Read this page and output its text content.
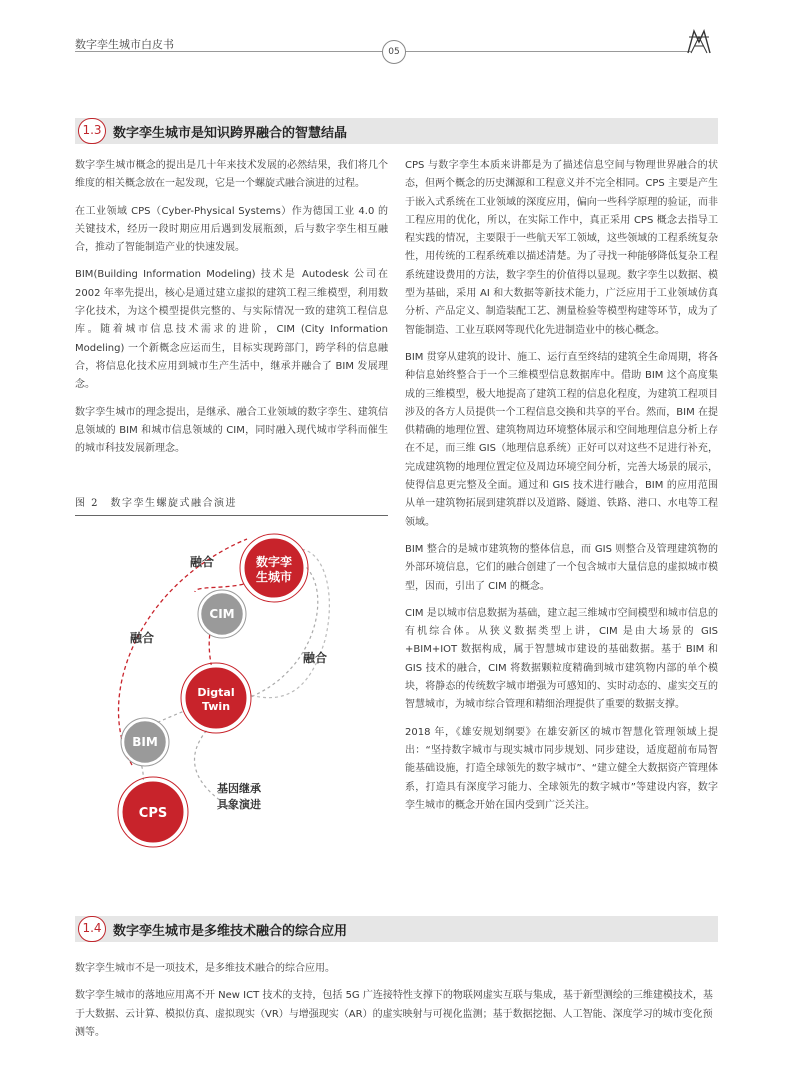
数字孪生城市白皮书
05
1.3 数字孪生城市是知识跨界融合的智慧结晶

数字孪生城市概念的提出是几十年来技术发展的必然结果，我们将几个维度的相关概念放在一起发现，它是一个螺旋式融合演进的过程。

在工业领域 CPS（Cyber-Physical Systems）作为德国工业 4.0 的关键技术，经历一段时期应用后遇到发展瓶颈，后与数字孪生相互融合，推动了智能制造产业的快速发展。

BIM(Building Information Modeling) 技术是 Autodesk 公司在 2002 年率先提出，核心是通过建立虚拟的建筑工程三维模型，利用数字化技术，为这个模型提供完整的、与实际情况一致的建筑工程信息库。随着城市信息技术需求的进阶，CIM (City Information Modeling) 一个新概念应运而生，目标实现跨部门，跨学科的信息融合，将信息化技术应用到城市生产生活中，继承并融合了 BIM 发展理念。

数字孪生城市的理念提出，是继承、融合工业领域的数字孪生、建筑信息领域的 BIM 和城市信息领域的 CIM，同时融入现代城市学科而催生的城市科技发展新理念。

图 2　数字孪生螺旋式融合演进
数字孪生城市
CIM
Digtal Twin
BIM
CPS
融合
融合
融合
基因继承
具象演进

CPS 与数字孪生本质来讲都是为了描述信息空间与物理世界融合的状态，但两个概念的历史渊源和工程意义并不完全相同。CPS 主要是产生于嵌入式系统在工业领域的深度应用，偏向一些科学原理的验证，而非工程应用的优化，所以，在实际工作中，真正采用 CPS 概念去指导工程实践的情况，主要限于一些航天军工领域，这些领域的工程系统复杂性，用传统的工程系统难以描述清楚。为了寻找一种能够降低复杂工程系统建设费用的方法，数字孪生的价值得以显现。数字孪生以数据、模型为基础，采用 AI 和大数据等新技术能力，广泛应用于工业领域仿真分析、产品定义、制造装配工艺、测量检验等模型构建等环节，成为了智能制造、工业互联网等现代化先进制造业中的核心概念。

BIM 贯穿从建筑的设计、施工、运行直至终结的建筑全生命周期，将各种信息始终整合于一个三维模型信息数据库中。借助 BIM 这个高度集成的三维模型，极大地提高了建筑工程的信息化程度，为建筑工程项目涉及的各方人员提供一个工程信息交换和共享的平台。然而，BIM 在提供精确的地理位置、建筑物周边环境整体展示和空间地理信息分析上存在不足，而三维 GIS（地理信息系统）正好可以对这些不足进行补充，完成建筑物的地理位置定位及周边环境空间分析，完善大场景的展示，使得信息更完整及全面。通过和 GIS 技术进行融合，BIM 的应用范围从单一建筑物拓展到建筑群以及道路、隧道、铁路、港口、水电等工程领域。

BIM 整合的是城市建筑物的整体信息，而 GIS 则整合及管理建筑物的外部环境信息，它们的融合创建了一个包含城市大量信息的虚拟城市模型，因而，引出了 CIM 的概念。

CIM 是以城市信息数据为基础，建立起三维城市空间模型和城市信息的有机综合体。从狭义数据类型上讲，CIM 是由大场景的 GIS +BIM+IOT 数据构成，属于智慧城市建设的基础数据。基于 BIM 和 GIS 技术的融合，CIM 将数据颗粒度精确到城市建筑物内部的单个模块，将静态的传统数字城市增强为可感知的、实时动态的、虚实交互的智慧城市，为城市综合管理和精细治理提供了重要的数据支撑。

2018 年，《雄安规划纲要》在雄安新区的城市智慧化管理领域上提出：“坚持数字城市与现实城市同步规划、同步建设，适度超前布局智能基础设施，打造全球领先的数字城市”、“建立健全大数据资产管理体系，打造具有深度学习能力、全球领先的数字城市”等建设内容，数字孪生城市的概念开始在国内受到广泛关注。

1.4 数字孪生城市是多维技术融合的综合应用
数字孪生城市不是一项技术，是多维技术融合的综合应用。
数字孪生城市的落地应用离不开 New ICT 技术的支持，包括 5G 广连接特性支撑下的物联网虚实互联与集成，基于新型测绘的三维建模技术，基于大数据、云计算、模拟仿真、虚拟现实（VR）与增强现实（AR）的虚实映射与可视化监测；基于数据挖掘、人工智能、深度学习的城市变化预测等。
